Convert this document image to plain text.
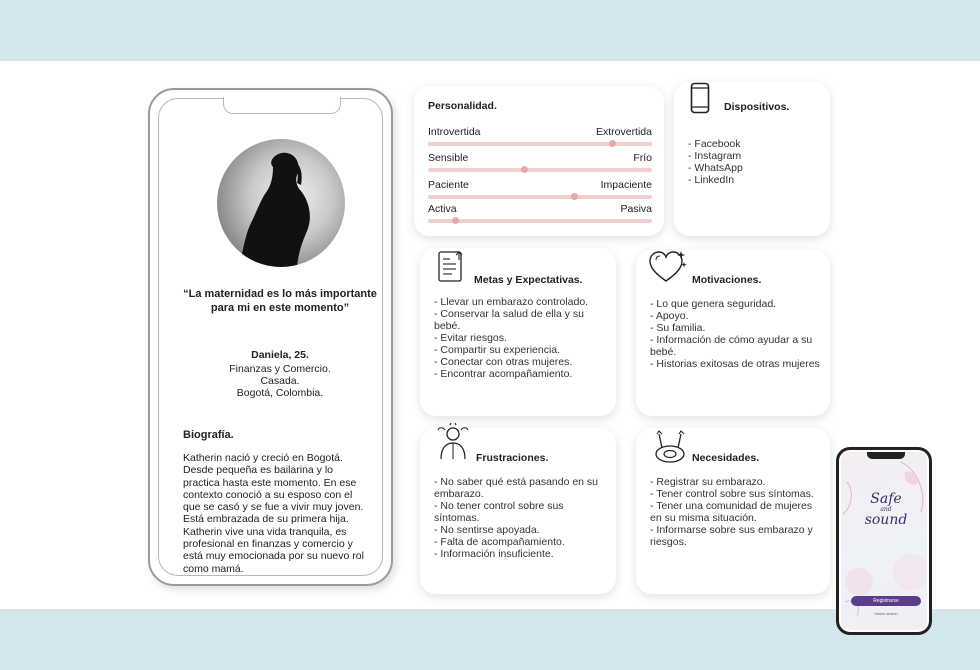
“La maternidad es lo más importante para mi en este momento”
Daniela, 25.
Finanzas y Comercio.
Casada.
Bogotá, Colombia.
Biografía.
Katherin nació y creció en Bogotá. Desde pequeña es bailarina y lo practica hasta este momento. En ese contexto conoció a su esposo con el que se casó y se fue a vivir muy joven. Está embrazada de su primera hija. Katherin vive una vida tranquila, es profesional en finanzas y comercio y está muy emocionada por su nuevo rol como mamá.
Personalidad.
Introvertida	Extrovertida
Sensible	Frío
Paciente	Impaciente
Activa	Pasiva
Dispositivos.
- Facebook
- Instagram
- WhatsApp
- LinkedIn
Metas y Expectativas.
- Llevar un embarazo controlado.
- Conservar la salud de ella y su bebé.
- Evitar riesgos.
- Compartir su experiencia.
- Conectar con otras mujeres.
- Encontrar acompañamiento.
Motivaciones.
- Lo que genera seguridad.
- Apoyo.
- Su familia.
- Información de cómo ayudar a su bebé.
- Historias exitosas de otras mujeres
Frustraciones.
- No saber qué está pasando en su embarazo.
- No tener control sobre sus síntomas.
- No sentirse apoyada.
- Falta de acompañamiento.
- Información insuficiente.
Necesidades.
- Registrar su embarazo.
- Tener control sobre sus síntomas.
- Tener una comunidad de mujeres en su misma situación.
- Informarse sobre sus embarazo y riesgos.
Safe
and
sound
Registrarse
Iniciar sesión
